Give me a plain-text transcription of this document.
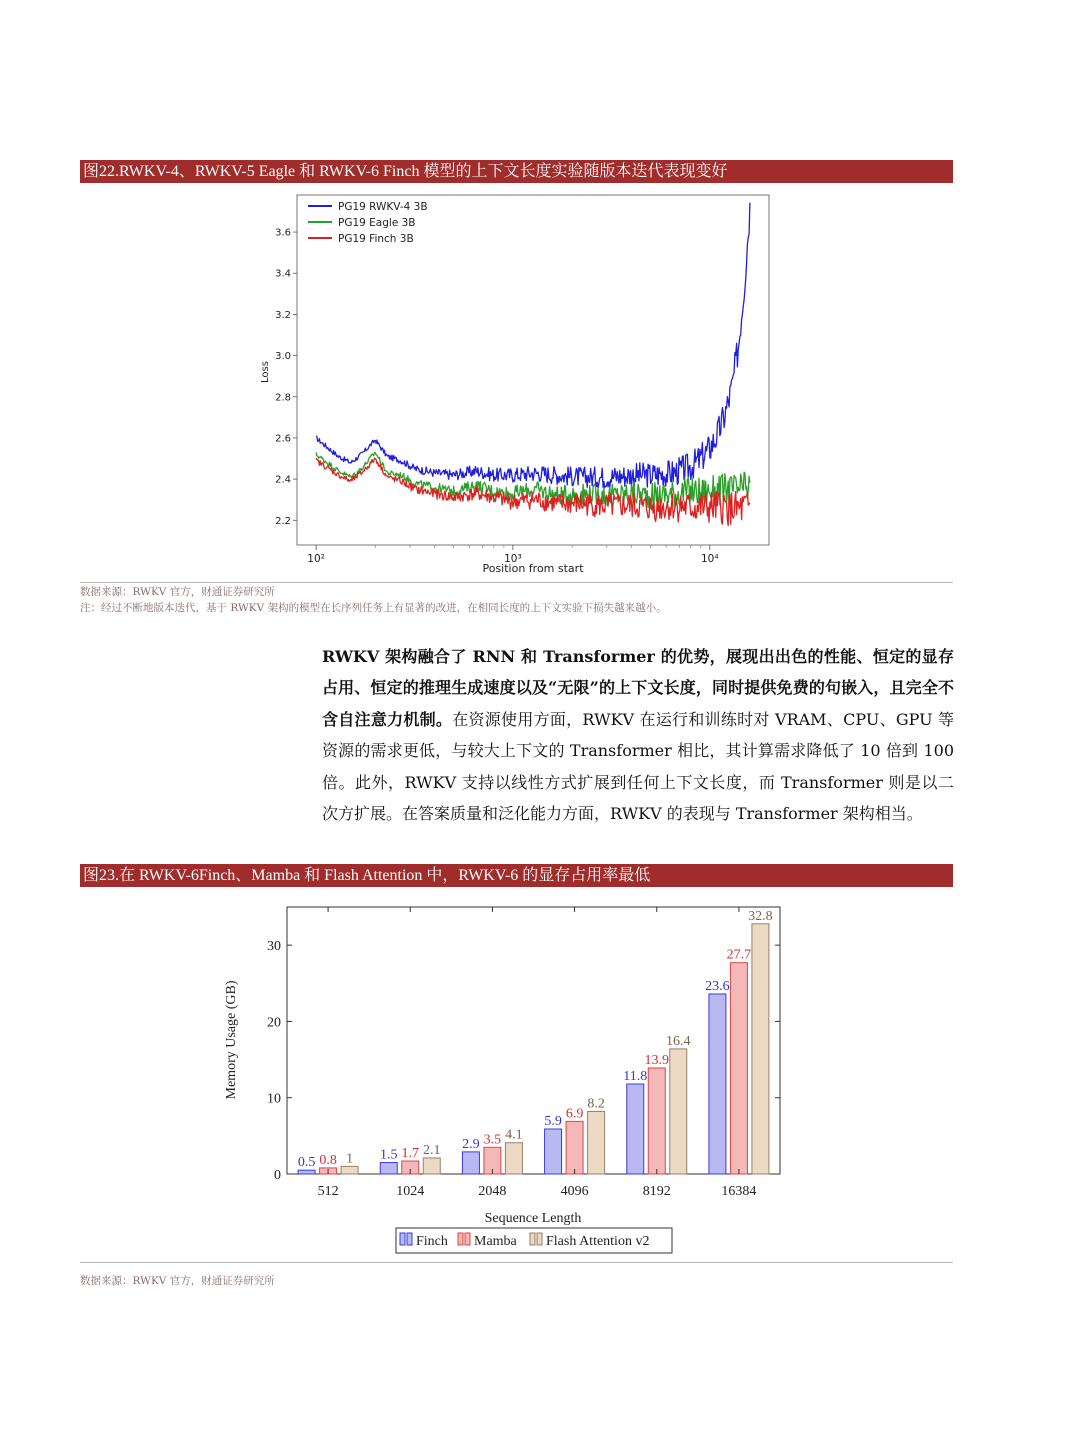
图22.RWKV-4、RWKV-5 Eagle 和 RWKV-6 Finch 模型的上下文长度实验随版本迭代表现变好
2.2
2.4
2.6
2.8
3.0
3.2
3.4
3.6
10²	10³	10⁴
Loss
Position from start
PG19 RWKV-4 3B
PG19 Eagle 3B
PG19 Finch 3B
数据来源：RWKV 官方，财通证券研究所
注：经过不断地版本迭代，基于 RWKV 架构的模型在长序列任务上有显著的改进，在相同长度的上下文实验下损失越来越小。
RWKV 架构融合了 RNN 和 Transformer 的优势，展现出出色的性能、恒定的显存占用、恒定的推理生成速度以及“无限”的上下文长度，同时提供免费的句嵌入，且完全不含自注意力机制。在资源使用方面，RWKV 在运行和训练时对 VRAM、CPU、GPU 等资源的需求更低，与较大上下文的 Transformer 相比，其计算需求降低了 10 倍到 100 倍。此外，RWKV 支持以线性方式扩展到任何上下文长度，而 Transformer 则是以二次方扩展。在答案质量和泛化能力方面，RWKV 的表现与 Transformer 架构相当。
图23.在 RWKV-6Finch、Mamba 和 Flash Attention 中，RWKV-6 的显存占用率最低
0.5 0.8 1 1.5 1.7 2.1 2.9 3.5 4.1
5.9
6.9
8.2
11.8
13.9
16.4
23.6
27.7
32.8
0
10
20
30
512	1024	2048	4096	8192	16384
Memory Usage (GB)
Sequence Length
Finch Mamba Flash Attention v2
数据来源：RWKV 官方，财通证券研究所
